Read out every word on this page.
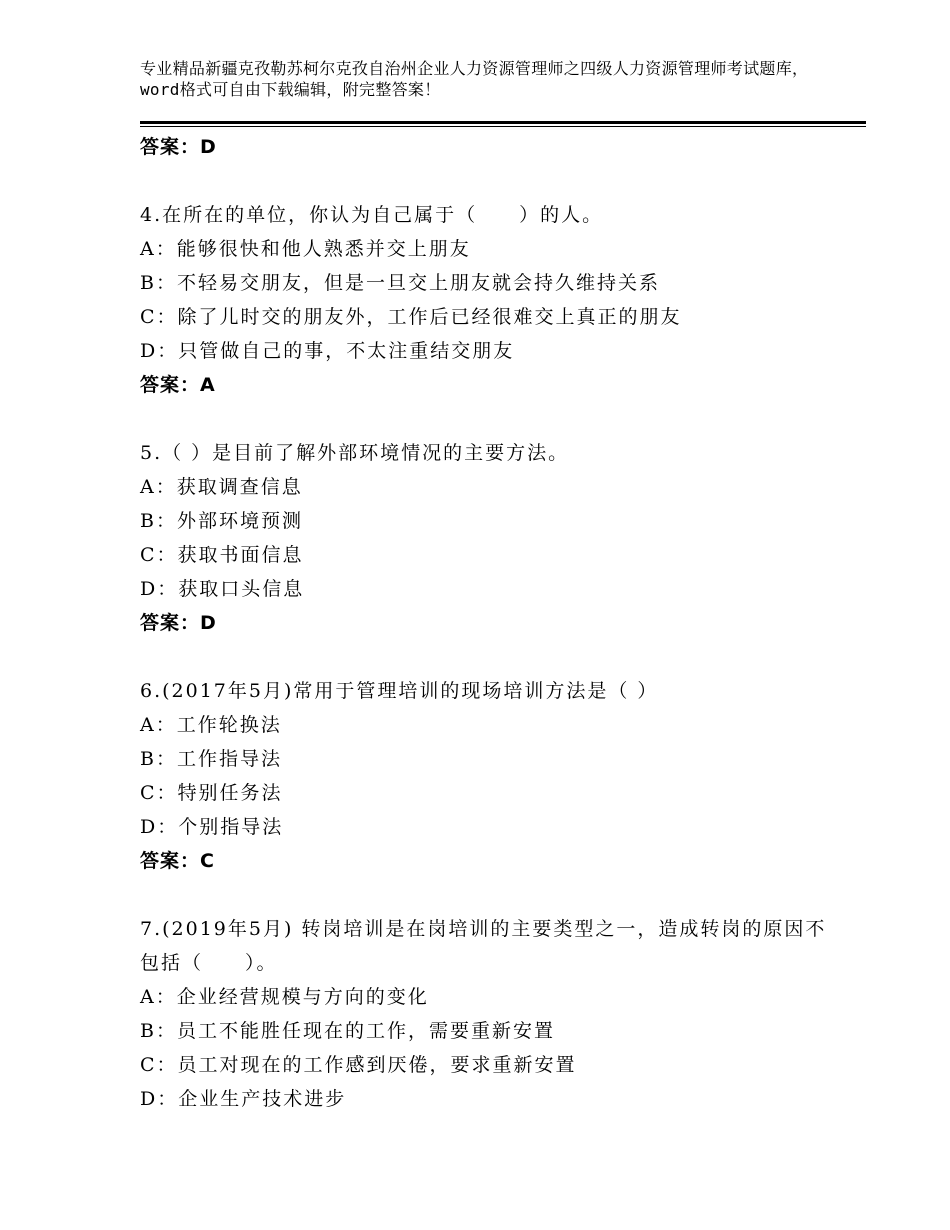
专业精品新疆克孜勒苏柯尔克孜自治州企业人力资源管理师之四级人力资源管理师考试题库，word格式可自由下载编辑，附完整答案！
答案：D
4.在所在的单位，你认为自己属于（　　）的人。
A：能够很快和他人熟悉并交上朋友
B：不轻易交朋友，但是一旦交上朋友就会持久维持关系
C：除了儿时交的朋友外，工作后已经很难交上真正的朋友
D：只管做自己的事，不太注重结交朋友
答案：A
5.（ ）是目前了解外部环境情况的主要方法。
A：获取调查信息
B：外部环境预测
C：获取书面信息
D：获取口头信息
答案：D
6.(2017年5月)常用于管理培训的现场培训方法是（ ）
A：工作轮换法
B：工作指导法
C：特别任务法
D：个别指导法
答案：C
7.(2019年5月) 转岗培训是在岗培训的主要类型之一，造成转岗的原因不包括（　　）。
A：企业经营规模与方向的变化
B：员工不能胜任现在的工作，需要重新安置
C：员工对现在的工作感到厌倦，要求重新安置
D：企业生产技术进步
